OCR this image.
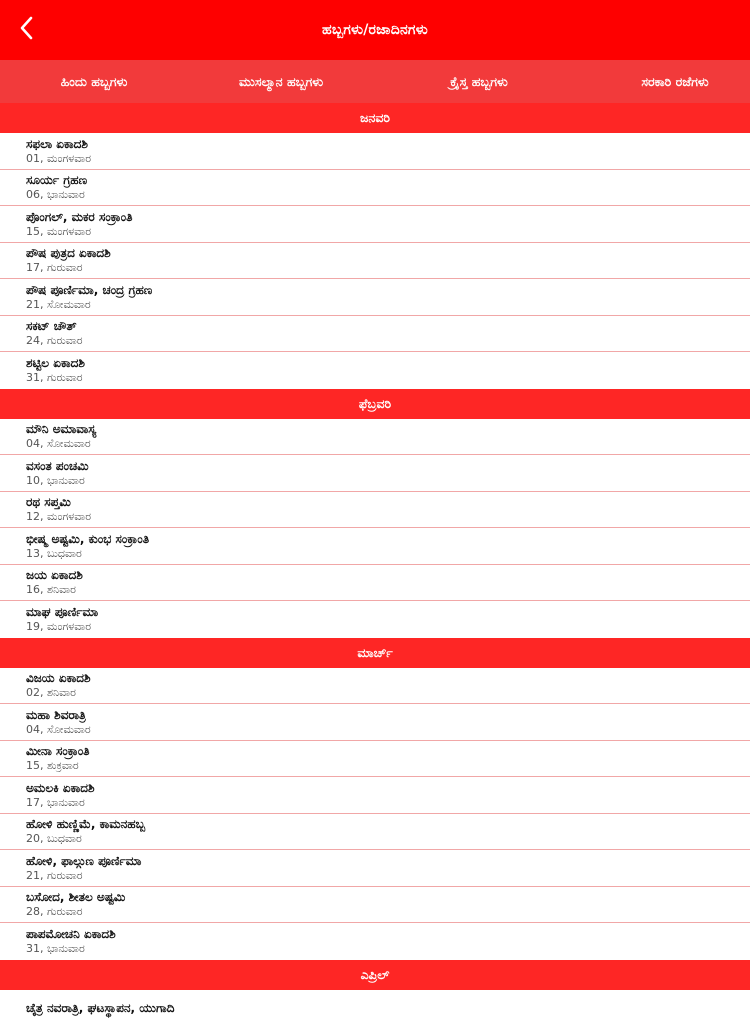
ಹಬ್ಬಗಳು/ರಜಾದಿನಗಳು
ಹಿಂದು ಹಬ್ಬಗಳು	ಮುಸಲ್ಮಾನ ಹಬ್ಬಗಳು	ಕ್ರೈಸ್ತ ಹಬ್ಬಗಳು	ಸರಕಾರಿ ರಜೆಗಳು
ಜನವರಿ
ಸಫಲಾ ಏಕಾದಶಿ
01, ಮಂಗಳವಾರ
ಸೂರ್ಯ ಗ್ರಹಣ
06, ಭಾನುವಾರ
ಪೊಂಗಲ್, ಮಕರ ಸಂಕ್ರಾಂತಿ
15, ಮಂಗಳವಾರ
ಪೌಷ ಪುತ್ರದ ಏಕಾದಶಿ
17, ಗುರುವಾರ
ಪೌಷ ಪೂರ್ಣಿಮಾ, ಚಂದ್ರ ಗ್ರಹಣ
21, ಸೋಮವಾರ
ಸಕಟ್ ಚೌತ್
24, ಗುರುವಾರ
ಶಟ್ಟಿಲ ಏಕಾದಶಿ
31, ಗುರುವಾರ
ಫೆಬ್ರವರಿ
ಮೌನಿ ಅಮಾವಾಸ್ಯ
04, ಸೋಮವಾರ
ವಸಂತ ಪಂಚಮಿ
10, ಭಾನುವಾರ
ರಥ ಸಪ್ತಮಿ
12, ಮಂಗಳವಾರ
ಭೀಷ್ಮ ಅಷ್ಟಮಿ, ಕುಂಭ ಸಂಕ್ರಾಂತಿ
13, ಬುಧವಾರ
ಜಯ ಏಕಾದಶಿ
16, ಶನಿವಾರ
ಮಾಘ ಪೂರ್ಣಿಮಾ
19, ಮಂಗಳವಾರ
ಮಾರ್ಚ್
ವಿಜಯ ಏಕಾದಶಿ
02, ಶನಿವಾರ
ಮಹಾ ಶಿವರಾತ್ರಿ
04, ಸೋಮವಾರ
ಮೀನಾ ಸಂಕ್ರಾಂತಿ
15, ಶುಕ್ರವಾರ
ಅಮಲಕಿ ಏಕಾದಶಿ
17, ಭಾನುವಾರ
ಹೋಳಿ ಹುಣ್ಣಿಮೆ, ಕಾಮನಹಬ್ಬ
20, ಬುಧವಾರ
ಹೋಳಿ, ಫಾಲ್ಗುಣ ಪೂರ್ಣಿಮಾ
21, ಗುರುವಾರ
ಬಸೋದ, ಶೀತಲ ಅಷ್ಟಮಿ
28, ಗುರುವಾರ
ಪಾಪಮೋಚನಿ ಏಕಾದಶಿ
31, ಭಾನುವಾರ
ಎಪ್ರಿಲ್
ಚೈತ್ರ ನವರಾತ್ರಿ, ಘಟಸ್ಥಾಪನ, ಯುಗಾದಿ
